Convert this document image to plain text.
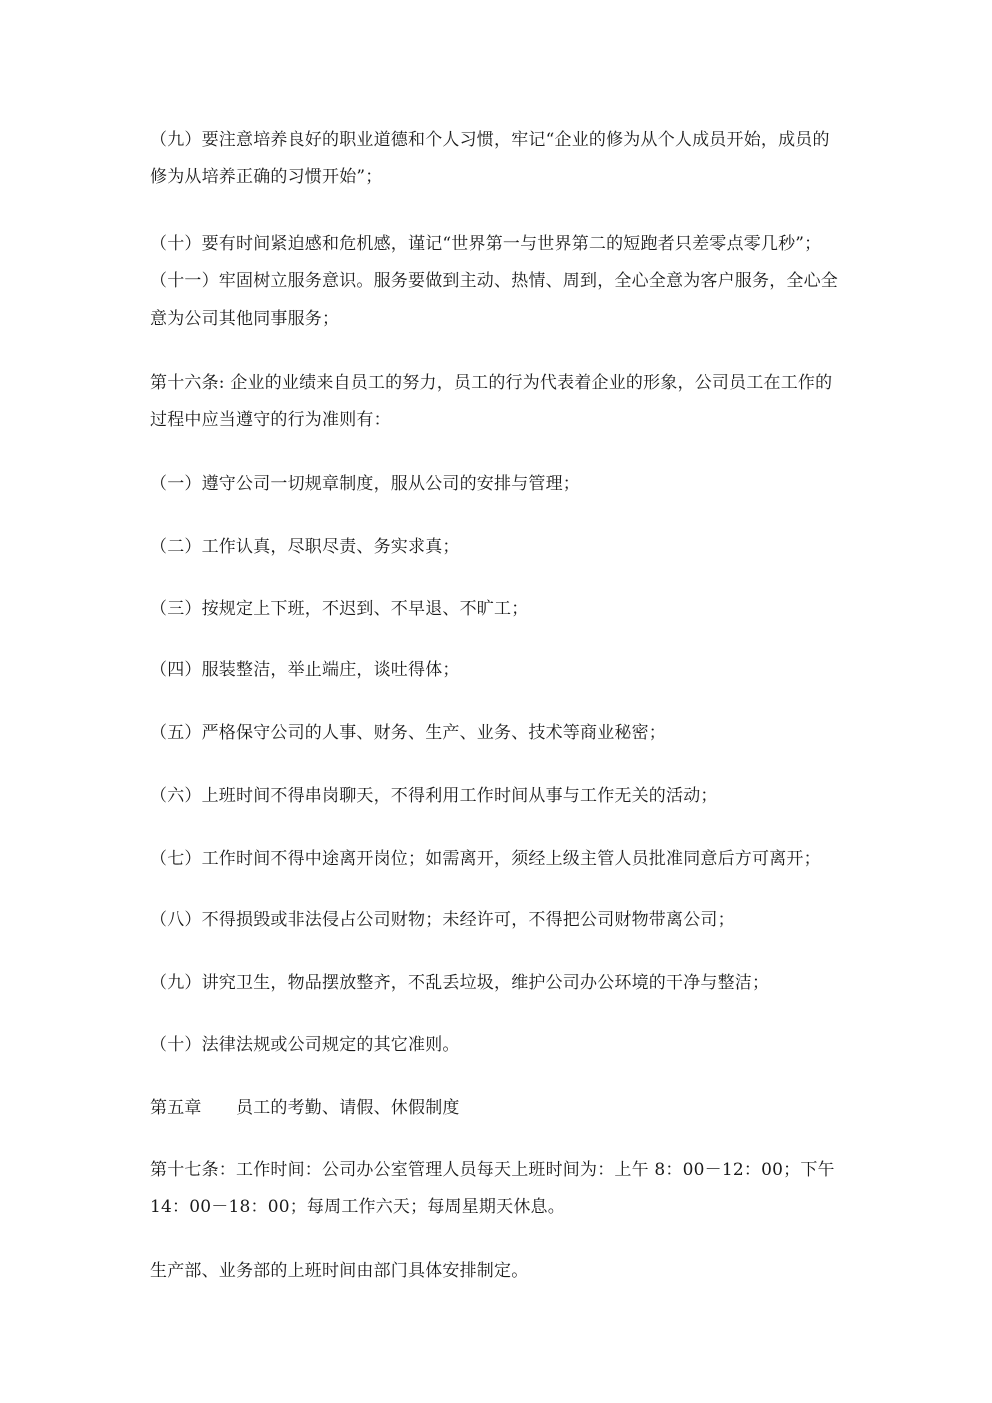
（九）要注意培养良好的职业道德和个人习惯，牢记“企业的修为从个人成员开始，成员的
修为从培养正确的习惯开始”；
（十）要有时间紧迫感和危机感，谨记“世界第一与世界第二的短跑者只差零点零几秒”；
（十一）牢固树立服务意识。服务要做到主动、热情、周到，全心全意为客户服务，全心全
意为公司其他同事服务；
第十六条: 企业的业绩来自员工的努力，员工的行为代表着企业的形象，公司员工在工作的
过程中应当遵守的行为准则有：
（一）遵守公司一切规章制度，服从公司的安排与管理；
（二）工作认真，尽职尽责、务实求真；
（三）按规定上下班，不迟到、不早退、不旷工；
（四）服装整洁，举止端庄，谈吐得体；
（五）严格保守公司的人事、财务、生产、业务、技术等商业秘密；
（六）上班时间不得串岗聊天，不得利用工作时间从事与工作无关的活动；
（七）工作时间不得中途离开岗位；如需离开，须经上级主管人员批准同意后方可离开；
（八）不得损毁或非法侵占公司财物；未经许可，不得把公司财物带离公司；
（九）讲究卫生，物品摆放整齐，不乱丢垃圾，维护公司办公环境的干净与整洁；
（十）法律法规或公司规定的其它准则。
第五章　　员工的考勤、请假、休假制度
第十七条：工作时间：公司办公室管理人员每天上班时间为：上午 8：00－12：00；下午
14：00－18：00；每周工作六天；每周星期天休息。
生产部、业务部的上班时间由部门具体安排制定。
